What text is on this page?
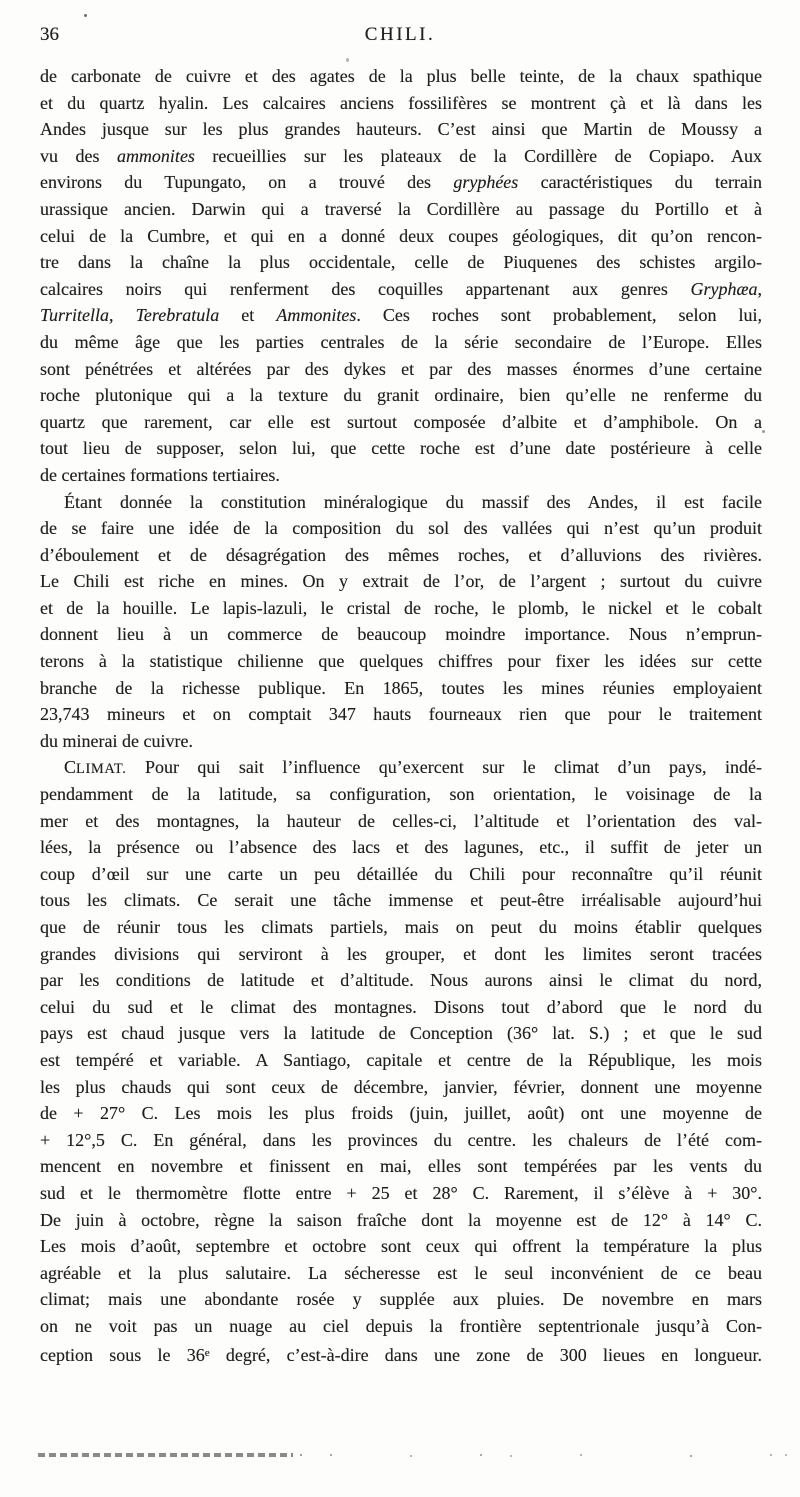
36	CHILI.
de carbonate de cuivre et des agates de la plus belle teinte, de la chaux spathique
et du quartz hyalin. Les calcaires anciens fossilifères se montrent çà et là dans les
Andes jusque sur les plus grandes hauteurs. C’est ainsi que Martin de Moussy a
vu des ammonites recueillies sur les plateaux de la Cordillère de Copiapo. Aux
environs du Tupungato, on a trouvé des gryphées caractéristiques du terrain
urassique ancien. Darwin qui a traversé la Cordillère au passage du Portillo et à
celui de la Cumbre, et qui en a donné deux coupes géologiques, dit qu’on rencon-
tre dans la chaîne la plus occidentale, celle de Piuquenes des schistes argilo-
calcaires noirs qui renferment des coquilles appartenant aux genres Gryphæa,
Turritella, Terebratula et Ammonites. Ces roches sont probablement, selon lui,
du même âge que les parties centrales de la série secondaire de l’Europe. Elles
sont pénétrées et altérées par des dykes et par des masses énormes d’une certaine
roche plutonique qui a la texture du granit ordinaire, bien qu’elle ne renferme du
quartz que rarement, car elle est surtout composée d’albite et d’amphibole. On a
tout lieu de supposer, selon lui, que cette roche est d’une date postérieure à celle
de certaines formations tertiaires.
Étant donnée la constitution minéralogique du massif des Andes, il est facile
de se faire une idée de la composition du sol des vallées qui n’est qu’un produit
d’éboulement et de désagrégation des mêmes roches, et d’alluvions des rivières.
Le Chili est riche en mines. On y extrait de l’or, de l’argent ; surtout du cuivre
et de la houille. Le lapis-lazuli, le cristal de roche, le plomb, le nickel et le cobalt
donnent lieu à un commerce de beaucoup moindre importance. Nous n’emprun-
terons à la statistique chilienne que quelques chiffres pour fixer les idées sur cette
branche de la richesse publique. En 1865, toutes les mines réunies employaient
23,743 mineurs et on comptait 347 hauts fourneaux rien que pour le traitement
du minerai de cuivre.
CLIMAT. Pour qui sait l’influence qu’exercent sur le climat d’un pays, indé-
pendamment de la latitude, sa configuration, son orientation, le voisinage de la
mer et des montagnes, la hauteur de celles-ci, l’altitude et l’orientation des val-
lées, la présence ou l’absence des lacs et des lagunes, etc., il suffit de jeter un
coup d’œil sur une carte un peu détaillée du Chili pour reconnaître qu’il réunit
tous les climats. Ce serait une tâche immense et peut-être irréalisable aujourd’hui
que de réunir tous les climats partiels, mais on peut du moins établir quelques
grandes divisions qui serviront à les grouper, et dont les limites seront tracées
par les conditions de latitude et d’altitude. Nous aurons ainsi le climat du nord,
celui du sud et le climat des montagnes. Disons tout d’abord que le nord du
pays est chaud jusque vers la latitude de Conception (36° lat. S.) ; et que le sud
est tempéré et variable. A Santiago, capitale et centre de la République, les mois
les plus chauds qui sont ceux de décembre, janvier, février, donnent une moyenne
de + 27° C. Les mois les plus froids (juin, juillet, août) ont une moyenne de
+ 12°,5 C. En général, dans les provinces du centre. les chaleurs de l’été com-
mencent en novembre et finissent en mai, elles sont tempérées par les vents du
sud et le thermomètre flotte entre + 25 et 28° C. Rarement, il s’élève à + 30°.
De juin à octobre, règne la saison fraîche dont la moyenne est de 12° à 14° C.
Les mois d’août, septembre et octobre sont ceux qui offrent la température la plus
agréable et la plus salutaire. La sécheresse est le seul inconvénient de ce beau
climat; mais une abondante rosée y supplée aux pluies. De novembre en mars
on ne voit pas un nuage au ciel depuis la frontière septentrionale jusqu’à Con-
ception sous le 36e degré, c’est-à-dire dans une zone de 300 lieues en longueur.
